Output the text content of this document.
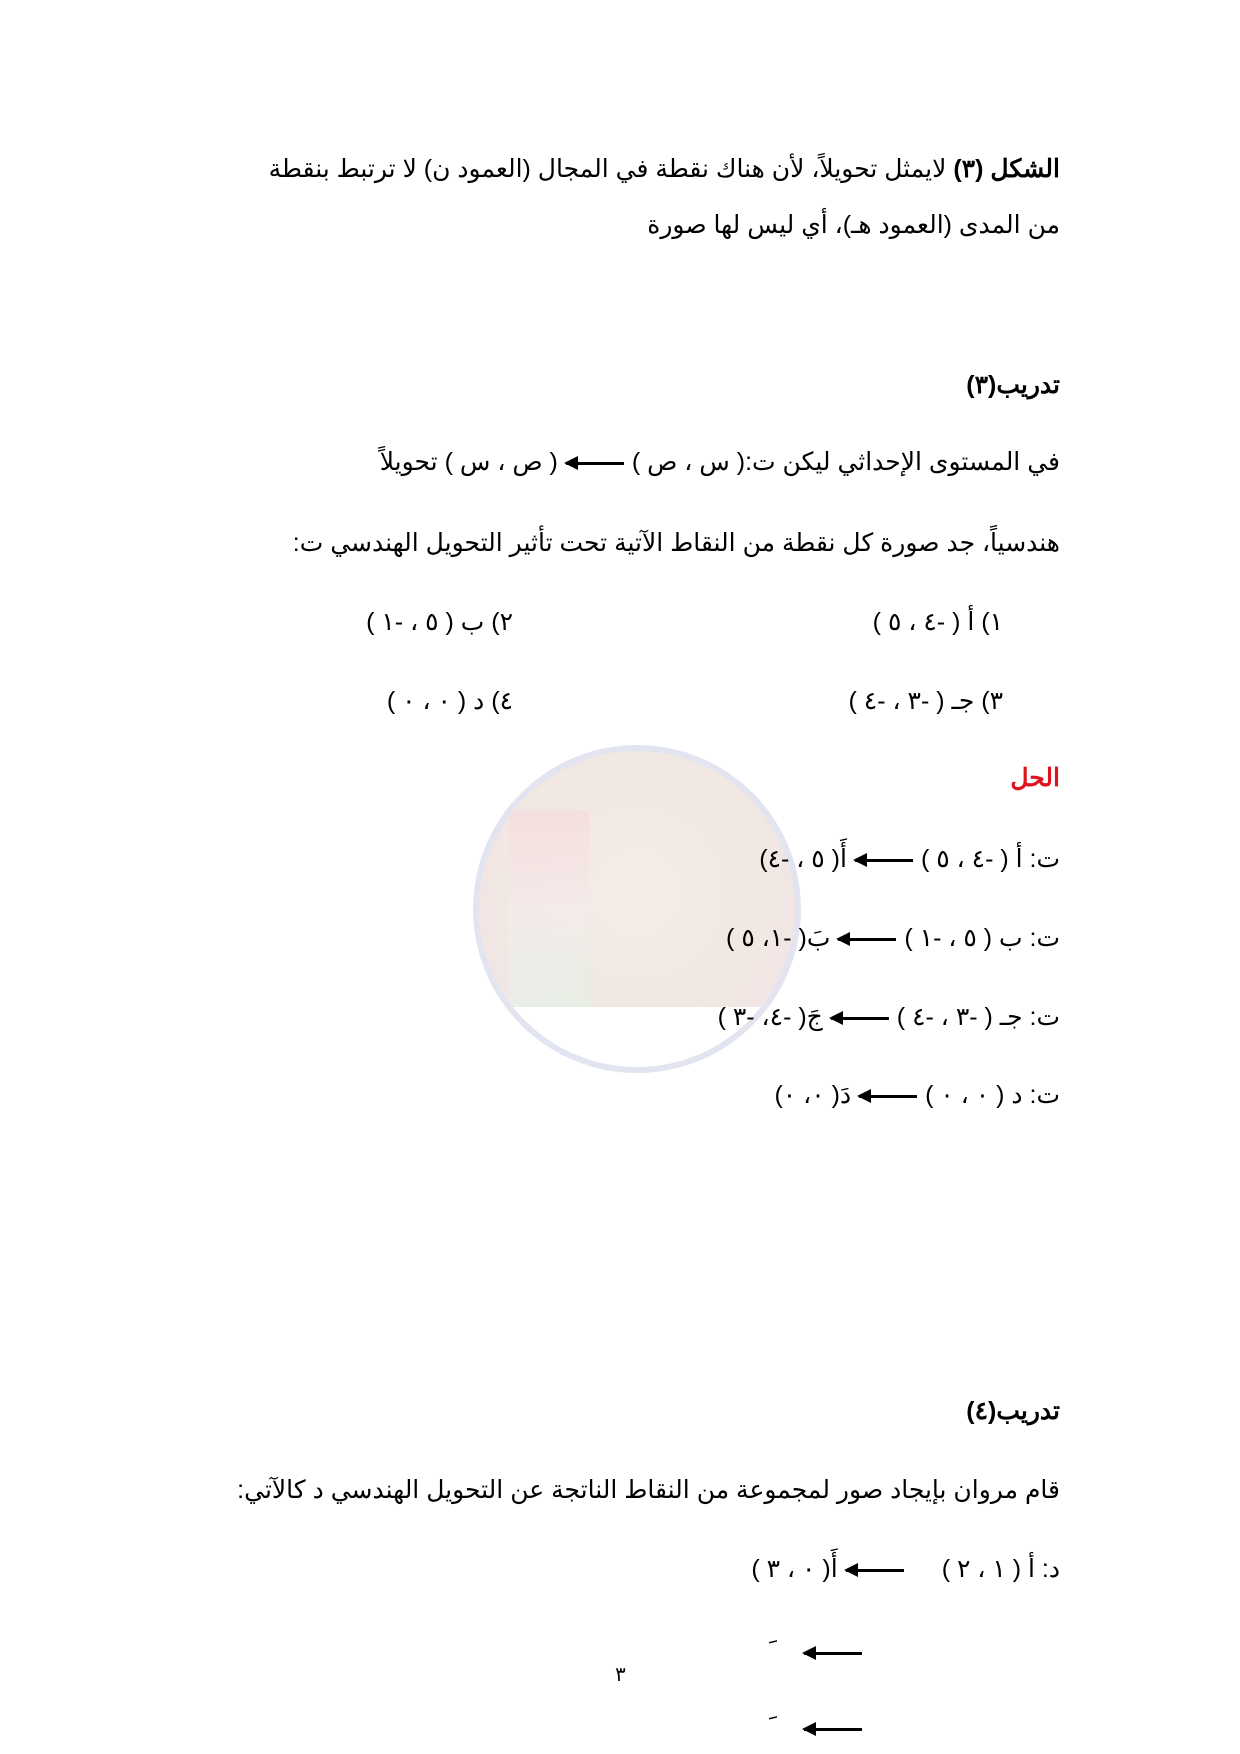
الشكل (٣) لايمثل تحويلاً، لأن هناك نقطة في المجال (العمود ن) لا ترتبط بنقطة
من المدى (العمود هـ)، أي ليس لها صورة
تدريب(٣)
في المستوى الإحداثي ليكن ت:( س ، ص )( ص ، س ) تحويلاً
هندسياً، جد صورة كل نقطة من النقاط الآتية تحت تأثير التحويل الهندسي ت:
١) أ ( -٤ ، ٥ )
٢) ب ( ٥ ، -١ )
٣) جـ ( -٣ ، -٤ )
٤) د ( ٠ ، ٠ )
الحل
ت: أ ( -٤ ، ٥ )أَ( ٥ ، -٤)
ت: ب ( ٥ ، -١ )بَ( -١، ٥ )
ت: جـ ( -٣ ، -٤ )جَ( -٤، -٣ )
ت: د ( ٠ ، ٠ )دَ( ٠، ٠)
تدريب(٤)
قام مروان بإيجاد صور لمجموعة من النقاط الناتجة عن التحويل الهندسي د كالآتي:
د: أ ( ١ ، ٢ )أَ( ٠ ، ٣ )
٣
